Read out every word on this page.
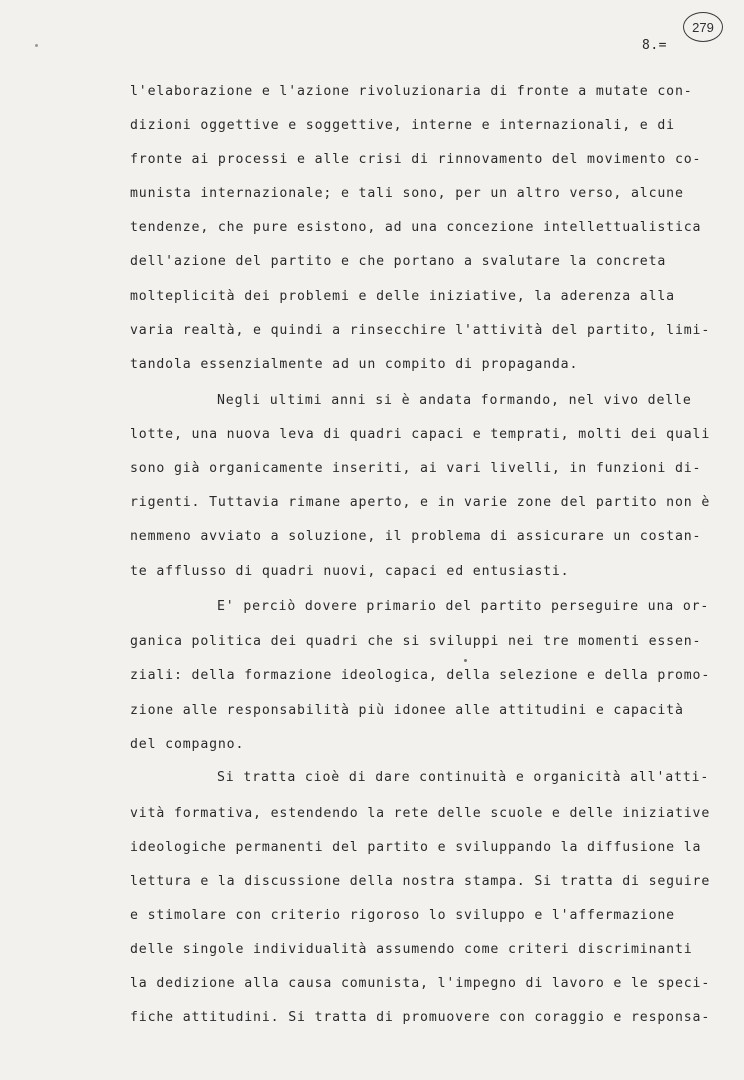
279
8.=
l'elaborazione e l'azione rivoluzionaria di fronte a mutate con-
dizioni oggettive e soggettive, interne e internazionali, e di
fronte ai processi e alle crisi di rinnovamento del movimento co-
munista internazionale; e tali sono, per un altro verso, alcune
tendenze, che pure esistono, ad una concezione intellettualistica
dell'azione del partito e che portano a svalutare la concreta
molteplicità dei problemi e delle iniziative, la aderenza alla
varia realtà, e quindi a rinsecchire l'attività del partito, limi-
tandola essenzialmente ad un compito di propaganda.
Negli ultimi anni si è andata formando, nel vivo delle
lotte, una nuova leva di quadri capaci e temprati, molti dei quali
sono già organicamente inseriti, ai vari livelli, in funzioni di-
rigenti. Tuttavia rimane aperto, e in varie zone del partito non è
nemmeno avviato a soluzione, il problema di assicurare un costan-
te afflusso di quadri nuovi, capaci ed entusiasti.
E' perciò dovere primario del partito perseguire una or-
ganica politica dei quadri che si sviluppi nei tre momenti essen-
ziali: della formazione ideologica, della selezione e della promo-
zione alle responsabilità più idonee alle attitudini e capacità
del compagno.
Si tratta cioè di dare continuità e organicità all'atti-
vità formativa, estendendo la rete delle scuole e delle iniziative
ideologiche permanenti del partito e sviluppando la diffusione la
lettura e la discussione della nostra stampa. Si tratta di seguire
e stimolare con criterio rigoroso lo sviluppo e l'affermazione
delle singole individualità assumendo come criteri discriminanti
la dedizione alla causa comunista, l'impegno di lavoro e le speci-
fiche attitudini. Si tratta di promuovere con coraggio e responsa-
